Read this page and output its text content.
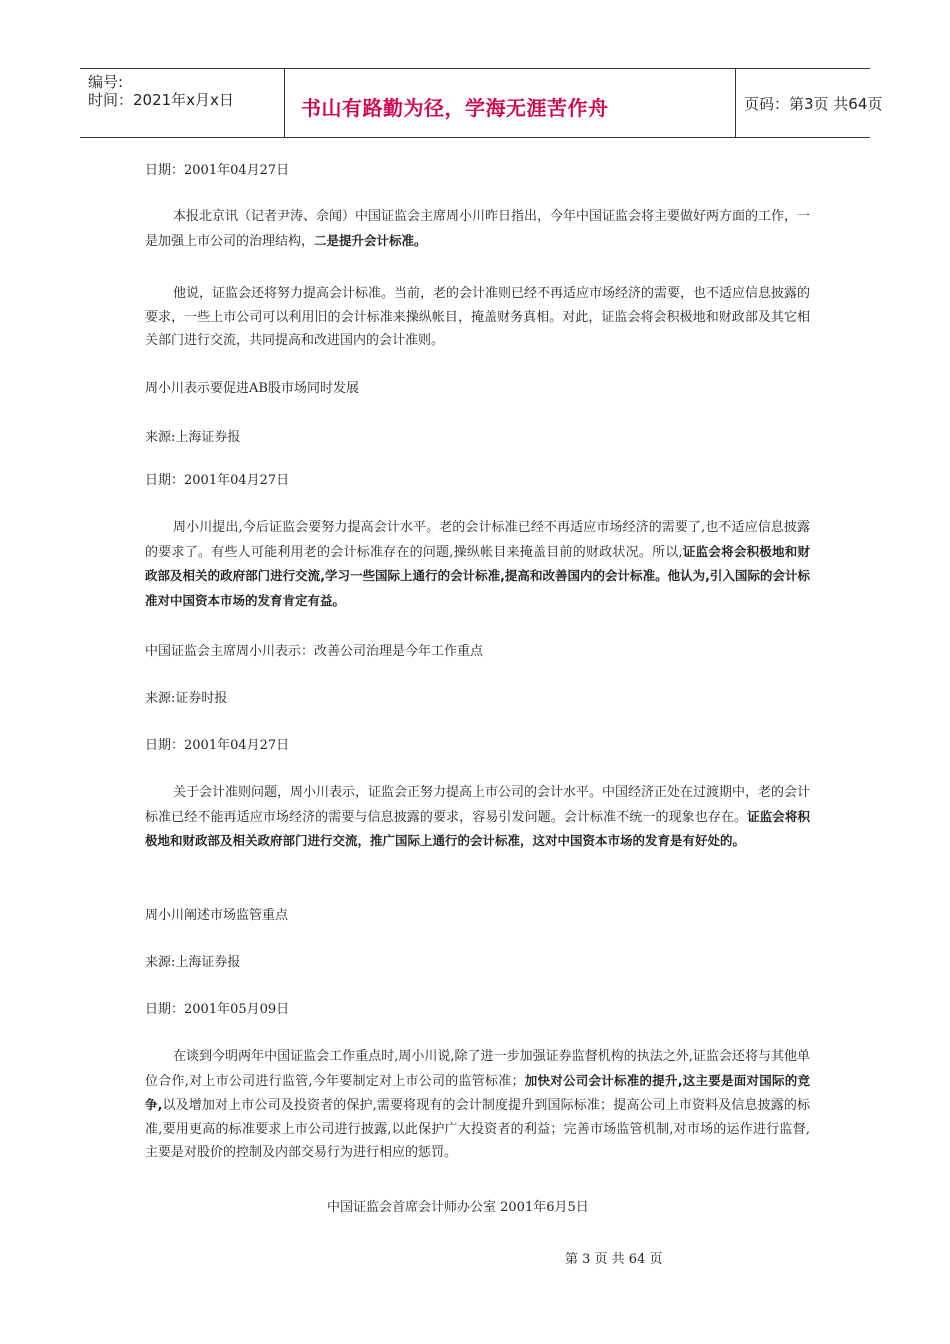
编号:
时间：2021年x月x日	书山有路勤为径，学海无涯苦作舟	页码：第3页 共64页
日期：2001年04月27日
本报北京讯（记者尹涛、佘闻）中国证监会主席周小川昨日指出，今年中国证监会将主要做好两方面的工作，一是加强上市公司的治理结构，二是提升会计标准。
他说，证监会还将努力提高会计标准。当前，老的会计准则已经不再适应市场经济的需要，也不适应信息披露的要求，一些上市公司可以利用旧的会计标准来操纵帐目，掩盖财务真相。对此，证监会将会积极地和财政部及其它相关部门进行交流，共同提高和改进国内的会计准则。
周小川表示要促进AB股市场同时发展
来源:上海证券报
日期：2001年04月27日
周小川提出,今后证监会要努力提高会计水平。老的会计标准已经不再适应市场经济的需要了,也不适应信息披露的要求了。有些人可能利用老的会计标准存在的问题,操纵帐目来掩盖目前的财政状况。所以,证监会将会积极地和财政部及相关的政府部门进行交流,学习一些国际上通行的会计标准,提高和改善国内的会计标准。他认为,引入国际的会计标准对中国资本市场的发育肯定有益。
中国证监会主席周小川表示：改善公司治理是今年工作重点
来源:证券时报
日期：2001年04月27日
关于会计准则问题，周小川表示，证监会正努力提高上市公司的会计水平。中国经济正处在过渡期中，老的会计标准已经不能再适应市场经济的需要与信息披露的要求，容易引发问题。会计标准不统一的现象也存在。证监会将积极地和财政部及相关政府部门进行交流，推广国际上通行的会计标准，这对中国资本市场的发育是有好处的。
周小川阐述市场监管重点
来源:上海证券报
日期：2001年05月09日
在谈到今明两年中国证监会工作重点时,周小川说,除了进一步加强证券监督机构的执法之外,证监会还将与其他单位合作,对上市公司进行监管,今年要制定对上市公司的监管标准；加快对公司会计标准的提升,这主要是面对国际的竞争,以及增加对上市公司及投资者的保护,需要将现有的会计制度提升到国际标准；提高公司上市资料及信息披露的标准,要用更高的标准要求上市公司进行披露,以此保护广大投资者的利益；完善市场监管机制,对市场的运作进行监督,主要是对股价的控制及内部交易行为进行相应的惩罚。
中国证监会首席会计师办公室 2001年6月5日
第 3 页 共 64 页
